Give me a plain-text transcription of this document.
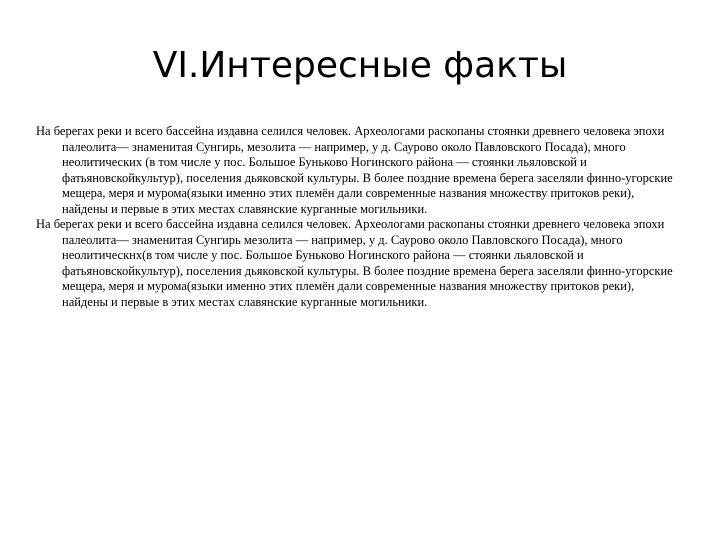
VI.Интересные факты

На берегах реки и всего бассейна издавна селился человек. Археологами раскопаны стоянки древнего человека эпохи палеолита— знаменитая Сунгирь, мезолита — например, у д. Саурово около Павловского Посада), много неолитических (в том числе у пос. Большое Буньково Ногинского района — стоянки льяловской и фатьяновскойкультур), поселения дьяковской культуры. В более поздние времена берега заселяли финно-угорские мещера, меря и мурома(языки именно этих племён дали современные названия множеству притоков реки), найдены и первые в этих местах славянские курганные могильники.

На берегах реки и всего бассейна издавна селился человек. Археологами раскопаны стоянки древнего человека эпохи палеолита— знаменитая Сунгирь мезолита — например, у д. Саурово около Павловского Посада), много неолитическнх(в том числе у пос. Большое Буньково Ногинского района — стоянки льяловской и фатьяновскойкультур), поселения дьяковской культуры. В более поздние времена берега заселяли финно-угорские мещера, меря и мурома(языки именно этих племён дали современные названия множеству притоков реки), найдены и первые в этих местах славянские курганные могильники.
